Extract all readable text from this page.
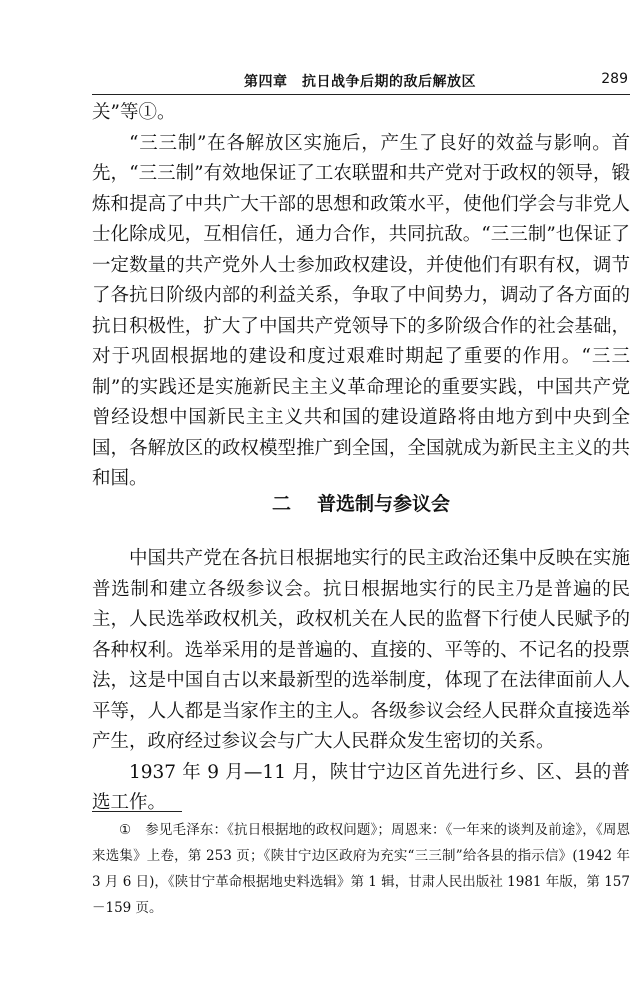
第四章　抗日战争后期的敌后解放区	289

关”等①。

“三三制”在各解放区实施后，产生了良好的效益与影响。首先，“三三制”有效地保证了工农联盟和共产党对于政权的领导，锻炼和提高了中共广大干部的思想和政策水平，使他们学会与非党人士化除成见，互相信任，通力合作，共同抗敌。“三三制”也保证了一定数量的共产党外人士参加政权建设，并使他们有职有权，调节了各抗日阶级内部的利益关系，争取了中间势力，调动了各方面的抗日积极性，扩大了中国共产党领导下的多阶级合作的社会基础，对于巩固根据地的建设和度过艰难时期起了重要的作用。“三三制”的实践还是实施新民主主义革命理论的重要实践，中国共产党曾经设想中国新民主主义共和国的建设道路将由地方到中央到全国，各解放区的政权模型推广到全国，全国就成为新民主主义的共和国。

二 普选制与参议会

中国共产党在各抗日根据地实行的民主政治还集中反映在实施普选制和建立各级参议会。抗日根据地实行的民主乃是普遍的民主，人民选举政权机关，政权机关在人民的监督下行使人民赋予的各种权利。选举采用的是普遍的、直接的、平等的、不记名的投票法，这是中国自古以来最新型的选举制度，体现了在法律面前人人平等，人人都是当家作主的主人。各级参议会经人民群众直接选举产生，政府经过参议会与广大人民群众发生密切的关系。

1937 年 9 月—11 月，陕甘宁边区首先进行乡、区、县的普选工作。

① 参见毛泽东：《抗日根据地的政权问题》；周恩来：《一年来的谈判及前途》，《周恩来选集》上卷，第 253 页；《陕甘宁边区政府为充实“三三制”给各县的指示信》(1942 年 3 月 6 日)，《陕甘宁革命根据地史料选辑》第 1 辑，甘肃人民出版社 1981 年版，第 157－159 页。
